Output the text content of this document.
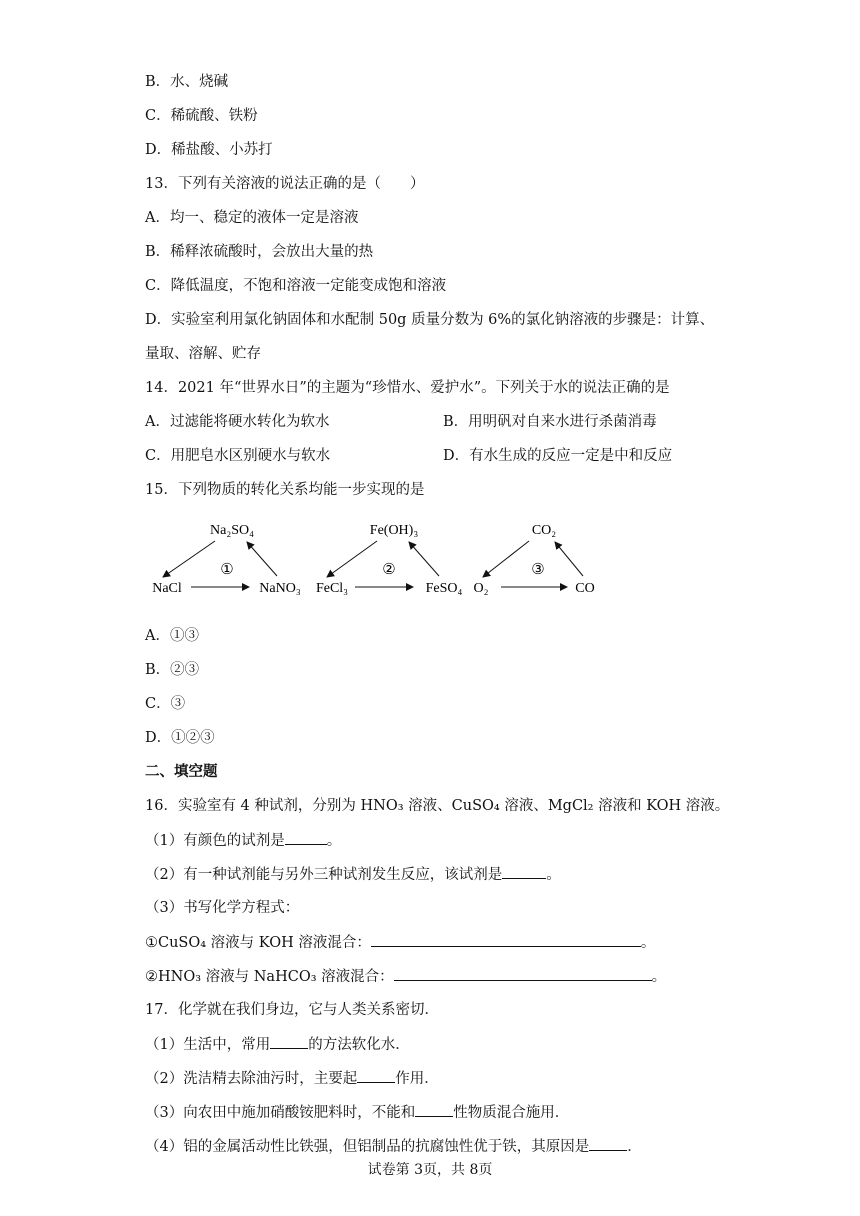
B．水、烧碱
C．稀硫酸、铁粉
D．稀盐酸、小苏打
13．下列有关溶液的说法正确的是（　　）
A．均一、稳定的液体一定是溶液
B．稀释浓硫酸时，会放出大量的热
C．降低温度，不饱和溶液一定能变成饱和溶液
D．实验室利用氯化钠固体和水配制 50g 质量分数为 6%的氯化钠溶液的步骤是：计算、
量取、溶解、贮存
14．2021 年“世界水日”的主题为“珍惜水、爱护水”。下列关于水的说法正确的是
A．过滤能将硬水转化为软水	B．用明矾对自来水进行杀菌消毒
C．用肥皂水区别硬水与软水	D．有水生成的反应一定是中和反应
15．下列物质的转化关系均能一步实现的是
Na₂SO₄
NaCl	NaNO₃
①
Fe(OH)₃
FeCl₃	FeSO₄
②
CO₂
O₂	CO
③
A．①③
B．②③
C．③
D．①②③
二、填空题
16．实验室有 4 种试剂，分别为 HNO₃ 溶液、CuSO₄ 溶液、MgCl₂ 溶液和 KOH 溶液。
（1）有颜色的试剂是	。
（2）有一种试剂能与另外三种试剂发生反应，该试剂是	。
（3）书写化学方程式：
①CuSO₄ 溶液与 KOH 溶液混合：	。
②HNO₃ 溶液与 NaHCO₃ 溶液混合：	。
17．化学就在我们身边，它与人类关系密切．
（1）生活中，常用	的方法软化水．
（2）洗洁精去除油污时，主要起	作用．
（3）向农田中施加硝酸铵肥料时，不能和	性物质混合施用．
（4）铝的金属活动性比铁强，但铝制品的抗腐蚀性优于铁，其原因是	．
试卷第 3页，共 8页
